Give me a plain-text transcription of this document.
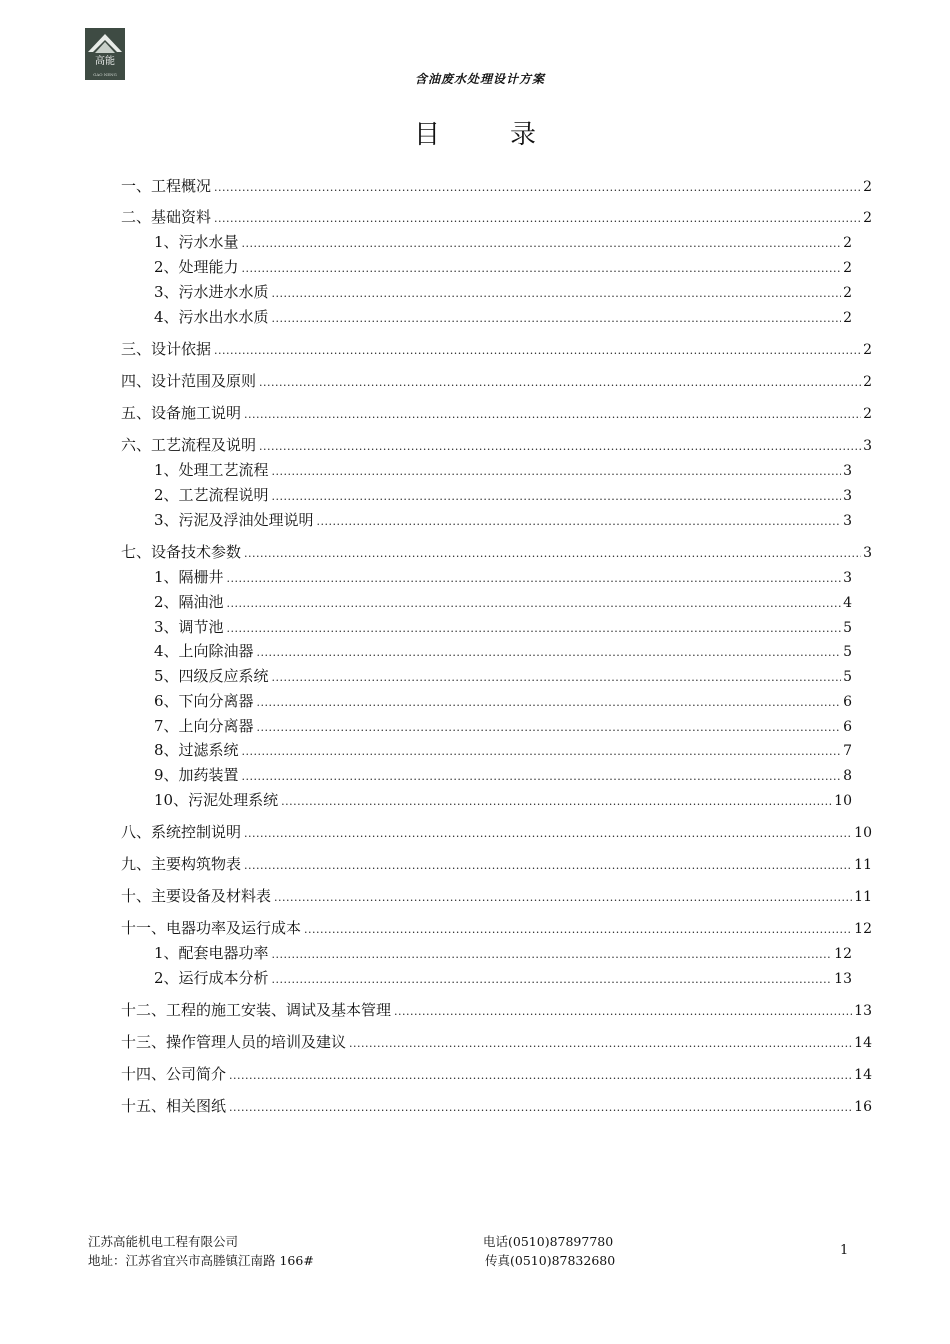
高能
GAO NENG	含油废水处理设计方案
目录
一、工程概况 .....	2
二、基础资料 .....	2
1、污水水量 .....	2
2、处理能力 .....	2
3、污水进水水质 .....	2
4、污水出水水质 .....	2
三、设计依据 .....	2
四、设计范围及原则 .....	2
五、设备施工说明 .....	2
六、工艺流程及说明 .....	3
1、处理工艺流程 .....	3
2、工艺流程说明 .....	3
3、污泥及浮油处理说明 .....	3
七、设备技术参数 .....	3
1、隔栅井 .....	3
2、隔油池 .....	4
3、调节池 .....	5
4、上向除油器 .....	5
5、四级反应系统 .....	5
6、下向分离器 .....	6
7、上向分离器 .....	6
8、过滤系统 .....	7
9、加药装置 .....	8
10、污泥处理系统 .....	10
八、系统控制说明 .....	10
九、主要构筑物表 .....	11
十、主要设备及材料表 .....	11
十一、电器功率及运行成本 .....	12
1、配套电器功率 .....	12
2、运行成本分析 .....	13
十二、工程的施工安装、调试及基本管理 .....	13
十三、操作管理人员的培训及建议 .....	14
十四、公司简介 .....	14
十五、相关图纸 .....	16
江苏高能机电工程有限公司
地址：江苏省宜兴市高塍镇江南路 166#
电话(0510)87897780
传真(0510)87832680
1
